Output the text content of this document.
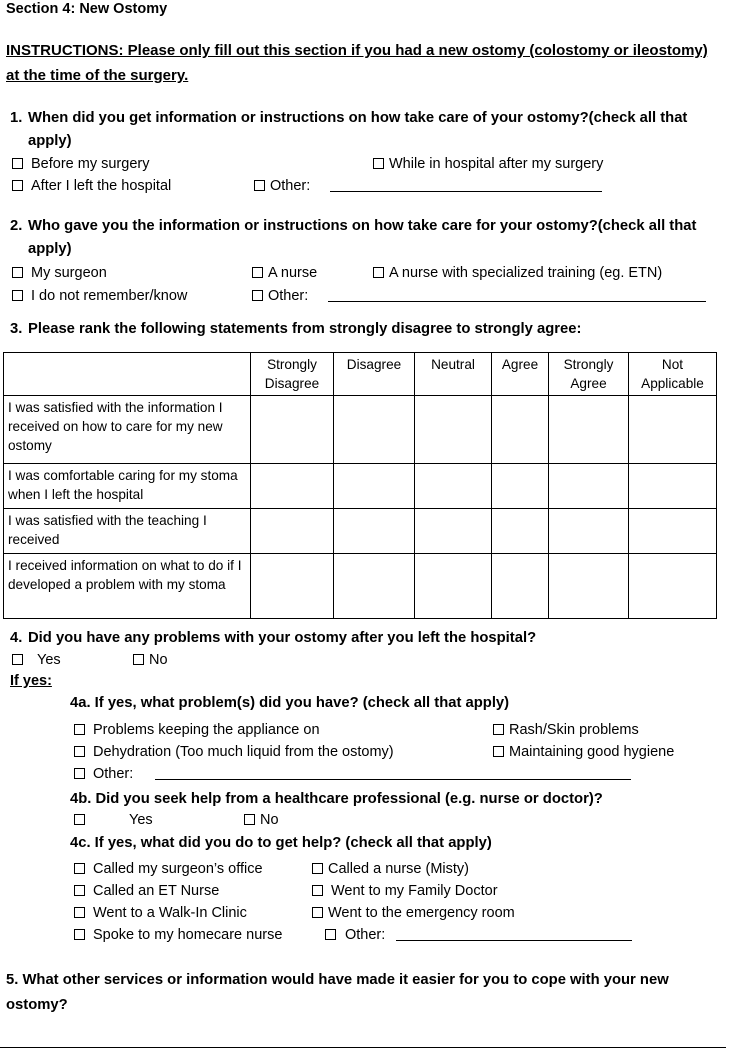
Section 4: New Ostomy
INSTRUCTIONS: Please only fill out this section if you had a new ostomy (colostomy or ileostomy) at the time of the surgery.
1. When did you get information or instructions on how take care of your ostomy?(check all that apply)
Before my surgery	While in hospital after my surgery
After I left the hospital	Other:
2. Who gave you the information or instructions on how take care for your ostomy?(check all that apply)
My surgeon	A nurse	A nurse with specialized training (eg. ETN)
I do not remember/know	Other:
3. Please rank the following statements from strongly disagree to strongly agree:
	Strongly Disagree	Disagree	Neutral	Agree	Strongly Agree	Not Applicable
I was satisfied with the information I received on how to care for my new ostomy						
I was comfortable caring for my stoma when I left the hospital						
I was satisfied with the teaching I received						
I received information on what to do if I developed a problem with my stoma						
4. Did you have any problems with your ostomy after you left the hospital?
Yes	No
If yes:
4a. If yes, what problem(s) did you have? (check all that apply)
Problems keeping the appliance on	Rash/Skin problems
Dehydration (Too much liquid from the ostomy)	Maintaining good hygiene
Other:
4b. Did you seek help from a healthcare professional (e.g. nurse or doctor)?
Yes	No
4c. If yes, what did you do to get help? (check all that apply)
Called my surgeon’s office	Called a nurse (Misty)
Called an ET Nurse	Went to my Family Doctor
Went to a Walk-In Clinic	Went to the emergency room
Spoke to my homecare nurse	Other:
5. What other services or information would have made it easier for you to cope with your new ostomy?
